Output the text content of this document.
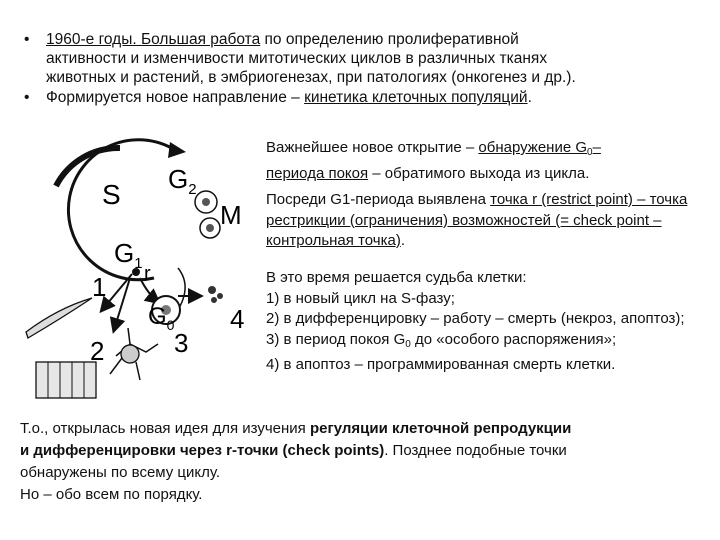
• 1960-е годы. Большая работа по определению пролиферативной

активности и изменчивости митотических циклов в различных тканях

животных и растений, в эмбриогенезах, при патологиях (онкогенез и др.).

• Формируется новое направление – кинетика клеточных популяций.

Важнейшее новое открытие – обнаружение $G_0-$

периода покоя – обратимого выхода из цикла.

Посреди G1-периода выявлена точка r (restrict point) – точка рестрикции (ограничения) возможностей (= check point – контрольная точка).

В это время решается судьба клетки:

1) в новый цикл на S-фазу;

2) в дифференцировку – работу – смерть (некроз, апоптоз);

3) в период покоя $G_0$ до «особого распоряжения»;

4) в апоптоз – программированная смерть клетки.

Т.о., открылась новая идея для изучения регуляции клеточной репродукции

и дифференцировки через r-точки (check points). Позднее подобные точки

обнаружены по всему циклу.

Но – обо всем по порядку.

S $G_2$
M
$G_1$ r
$G_0$
1
2	3
4
